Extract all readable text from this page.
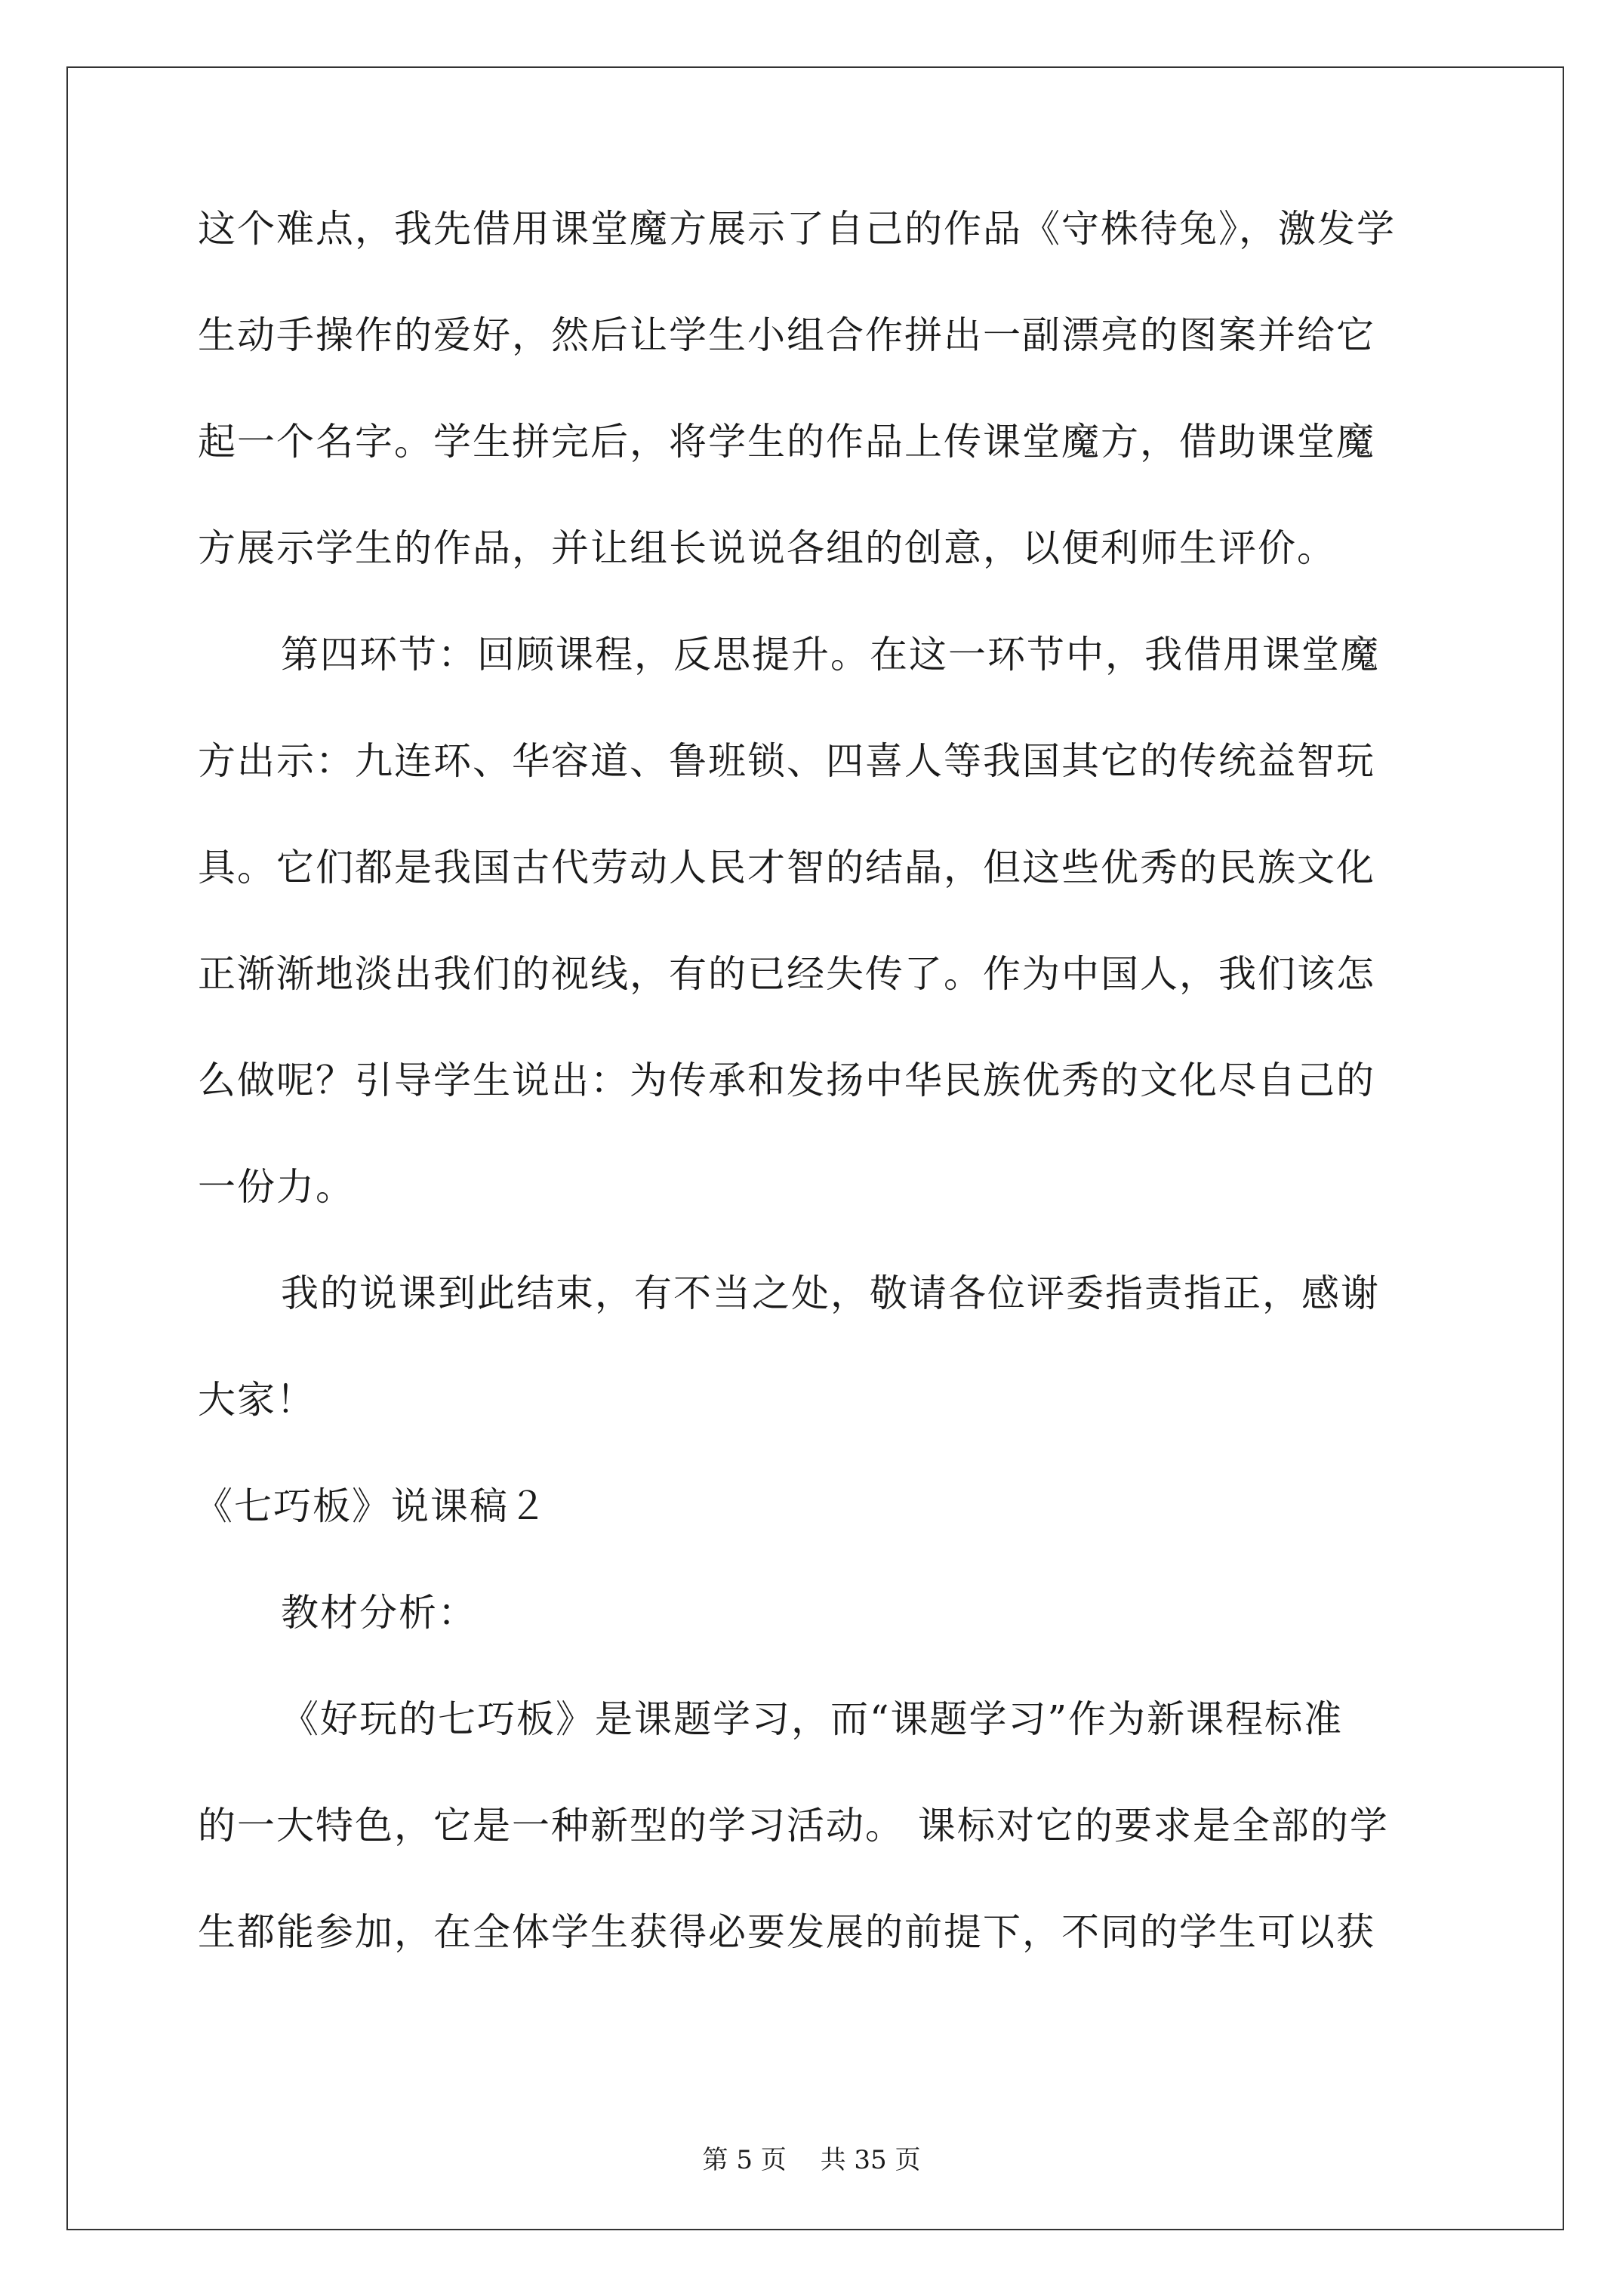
这个难点，我先借用课堂魔方展示了自己的作品《守株待兔》，激发学
生动手操作的爱好，然后让学生小组合作拼出一副漂亮的图案并给它
起一个名字。学生拼完后，将学生的作品上传课堂魔方，借助课堂魔
方展示学生的作品，并让组长说说各组的创意，以便利师生评价。
第四环节：回顾课程，反思提升。在这一环节中，我借用课堂魔
方出示：九连环、华容道、鲁班锁、四喜人等我国其它的传统益智玩
具。它们都是我国古代劳动人民才智的结晶，但这些优秀的民族文化
正渐渐地淡出我们的视线，有的已经失传了。作为中国人，我们该怎
么做呢？引导学生说出：为传承和发扬中华民族优秀的文化尽自己的
一份力。
我的说课到此结束，有不当之处，敬请各位评委指责指正，感谢
大家！
《七巧板》说课稿２
教材分析：
《好玩的七巧板》是课题学习，而“课题学习”作为新课程标准
的一大特色，它是一种新型的学习活动。 课标对它的要求是全部的学
生都能参加，在全体学生获得必要发展的前提下，不同的学生可以获
第 5 页　 共 35 页
